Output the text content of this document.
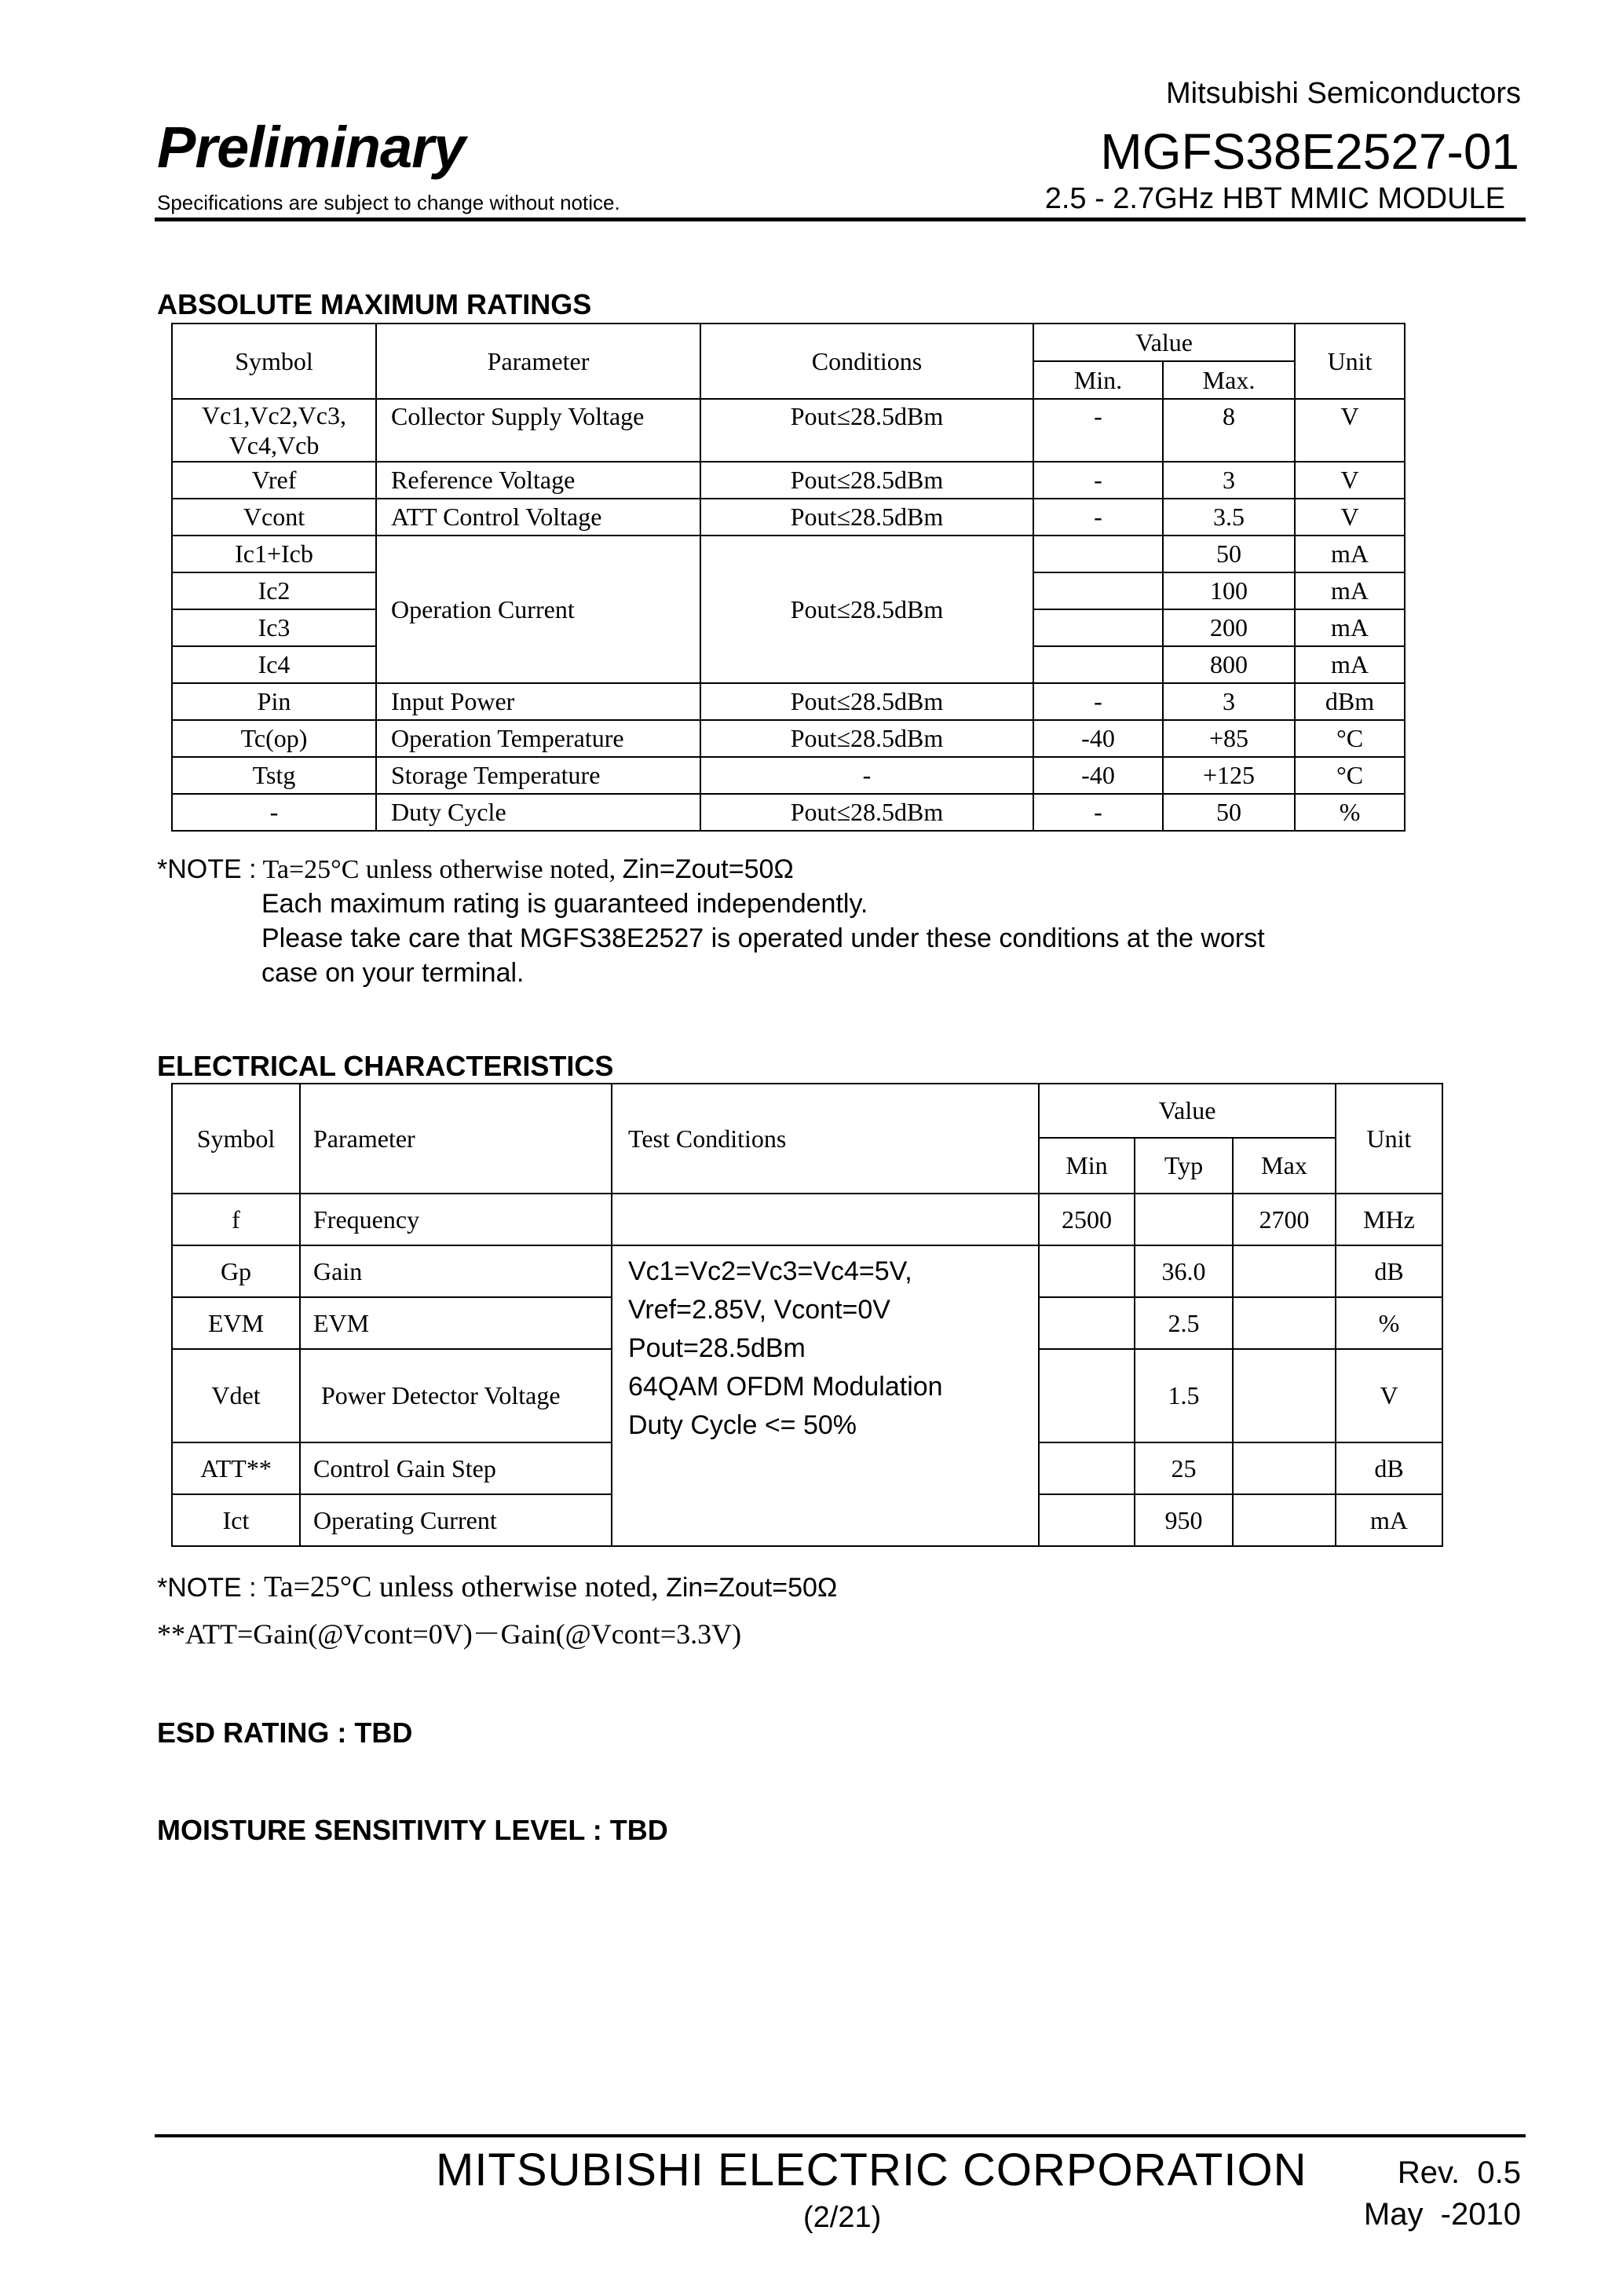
Mitsubishi Semiconductors
Preliminary	MGFS38E2527-01
Specifications are subject to change without notice.	2.5 - 2.7GHz HBT MMIC MODULE
ABSOLUTE MAXIMUM RATINGS
Symbol	Parameter	Conditions	Value		Unit
			Min.	Max.	

Vc1,Vc2,Vc3,
Vc4,Vcb	Collector Supply Voltage	Pout≤28.5dBm	-	8	V
Vref	Reference Voltage	Pout≤28.5dBm	-	3	V
Vcont	ATT Control Voltage	Pout≤28.5dBm	-	3.5	V
Ic1+Icb	Operation Current	Pout≤28.5dBm		50	mA
Ic2				100	mA
Ic3				200	mA
Ic4				800	mA
Pin	Input Power	Pout≤28.5dBm	-	3	dBm
Tc(op)	Operation Temperature	Pout≤28.5dBm	-40	+85	°C
Tstg	Storage Temperature	-	-40	+125	°C
-	Duty Cycle	Pout≤28.5dBm	-	50	%
*NOTE : Ta=25°C unless otherwise noted, Zin=Zout=50Ω
Each maximum rating is guaranteed independently.
Please take care that MGFS38E2527 is operated under these conditions at the worst
case on your terminal.
ELECTRICAL CHARACTERISTICS
Symbol	Parameter	Test Conditions	Value			Unit
			Min	Typ	Max	
f	Frequency		2500		2700	MHz
Gp	Gain	Vc1=Vc2=Vc3=Vc4=5V,
Vref=2.85V, Vcont=0V
Pout=28.5dBm
64QAM OFDM Modulation
Duty Cycle <= 50%		36.0		dB
EVM	EVM			2.5		%
Vdet	Power Detector Voltage			1.5		V
ATT**	Control Gain Step			25		dB
Ict	Operating Current			950		mA
*NOTE : Ta=25°C unless otherwise noted, Zin=Zout=50Ω
**ATT=Gain(@Vcont=0V)－Gain(@Vcont=3.3V)
ESD RATING : TBD
MOISTURE SENSITIVITY LEVEL : TBD
MITSUBISHI ELECTRIC CORPORATION
(2/21)
Rev.  0.5
May  -2010
